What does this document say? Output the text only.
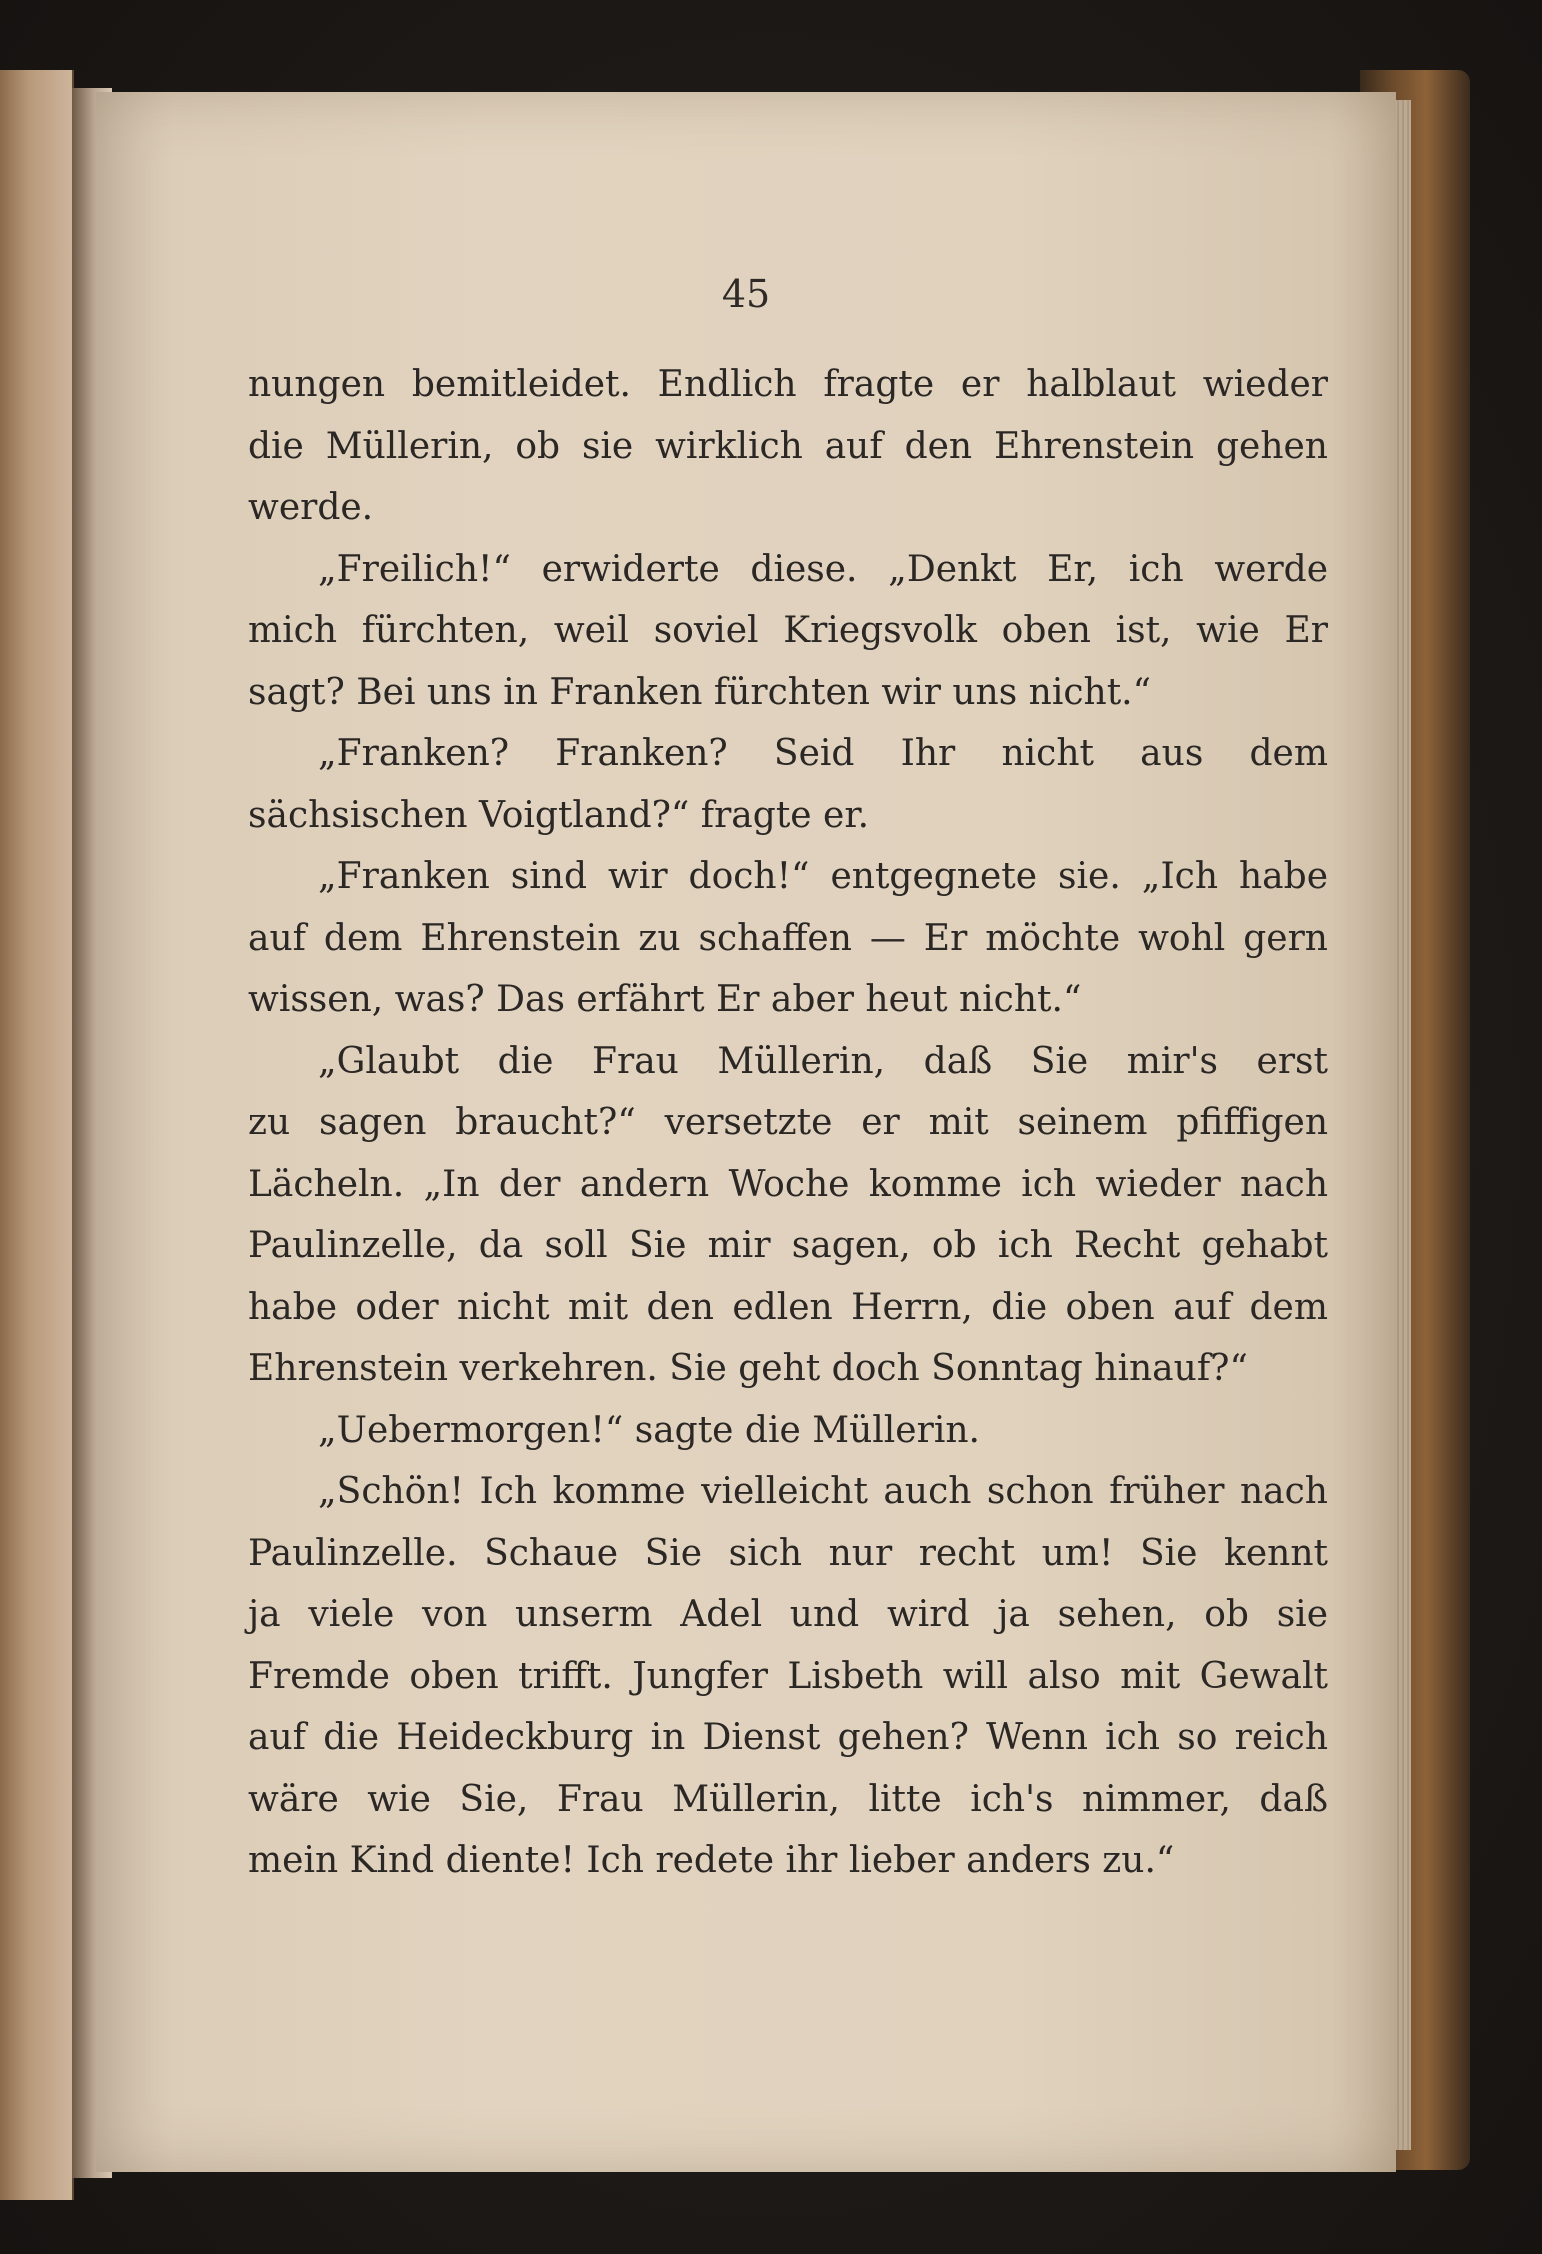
45
nungen bemitleidet. Endlich fragte er halblaut wieder
die Müllerin, ob sie wirklich auf den Ehrenstein gehen
werde.
„Freilich!“ erwiderte diese. „Denkt Er, ich werde
mich fürchten, weil soviel Kriegsvolk oben ist, wie Er
sagt? Bei uns in Franken fürchten wir uns nicht.“
„Franken? Franken? Seid Ihr nicht aus dem
sächsischen Voigtland?“ fragte er.
„Franken sind wir doch!“ entgegnete sie. „Ich habe
auf dem Ehrenstein zu schaffen — Er möchte wohl gern
wissen, was? Das erfährt Er aber heut nicht.“
„Glaubt die Frau Müllerin, daß Sie mir's erst
zu sagen braucht?“ versetzte er mit seinem pfiffigen
Lächeln. „In der andern Woche komme ich wieder nach
Paulinzelle, da soll Sie mir sagen, ob ich Recht gehabt
habe oder nicht mit den edlen Herrn, die oben auf dem
Ehrenstein verkehren. Sie geht doch Sonntag hinauf?“
„Uebermorgen!“ sagte die Müllerin.
„Schön! Ich komme vielleicht auch schon früher nach
Paulinzelle. Schaue Sie sich nur recht um! Sie kennt
ja viele von unserm Adel und wird ja sehen, ob sie
Fremde oben trifft. Jungfer Lisbeth will also mit Gewalt
auf die Heideckburg in Dienst gehen? Wenn ich so reich
wäre wie Sie, Frau Müllerin, litte ich's nimmer, daß
mein Kind diente! Ich redete ihr lieber anders zu.“
